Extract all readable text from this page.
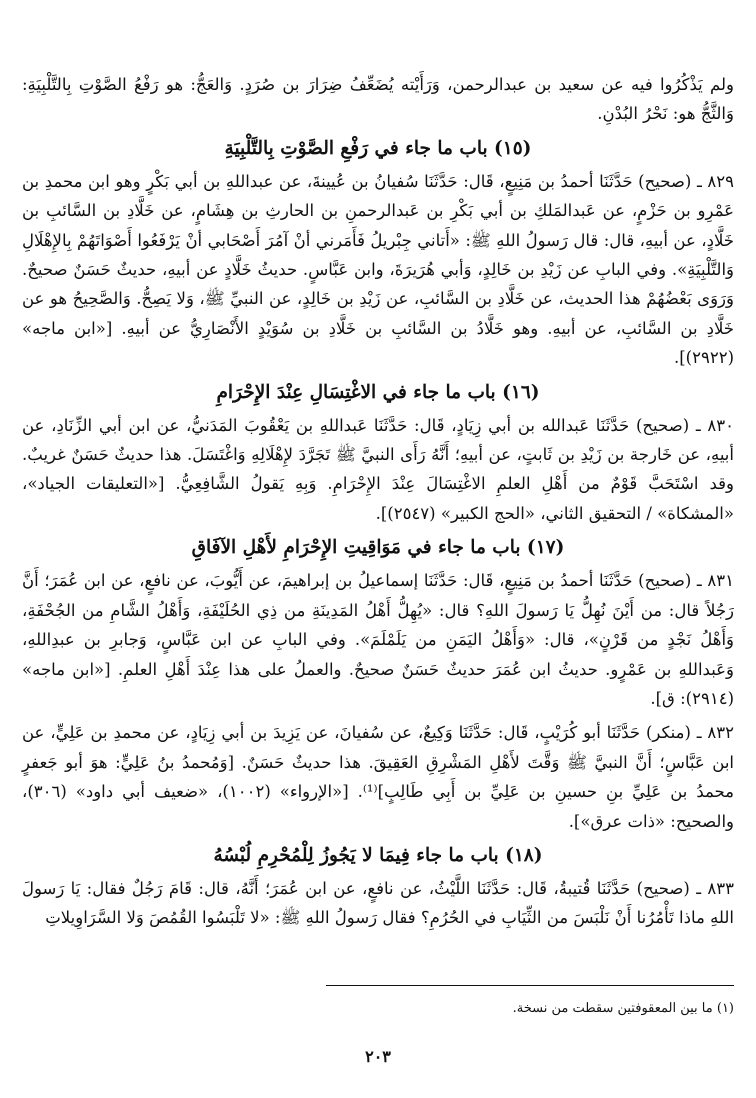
ولم يَذْكُرُوا فيه عن سعيد بن عبدالرحمن، وَرَأَيْته يُضَعِّفُ ضِرَارَ بن صُرَدٍ. وَالعَجُّ: هو رَفْعُ الصَّوْتِ بِالتَّلْبِيَةِ: وَالثَّجُّ هو: نَحْرُ البُدْنِ.

(١٥) باب ما جاء في رَفْعِ الصَّوْتِ بِالتَّلْبِيَةِ

٨٢٩ ـ (صحيح) حَدَّثَنَا أحمدُ بن مَنِيعٍ، قَال: حَدَّثَنَا سُفيانُ بن عُيينةَ، عن عبداللهِ بن أبي بَكْرٍ وهو ابن محمدِ بن عَمْرِو بن حَزْمٍ، عن عَبدالمَلكِ بن أبي بَكْرِ بن عَبدالرحمنِ بن الحارثِ بن هِشَامٍ، عن خَلَّادِ بن السَّائبِ بن خَلَّادٍ، عن أبيهِ، قال: قال رَسولُ اللهِ ﷺ: «أَتاني جِبْريلُ فَأَمَرني أنْ آمُرَ أَصْحَابي أنْ يَرْفَعُوا أَصْوَاتَهُمْ بِالإِهْلَالِ وَالتَّلْبِيَةِ». وفي البابِ عن زَيْدِ بن خَالِدٍ، وَأبي هُرَيرَةَ، وابن عَبَّاسٍ. حديثُ خَلَّادٍ عن أبيهِ، حديثٌ حَسَنٌ صحيحٌ. وَرَوَى بَعْضُهُمْ هذا الحديث، عن خَلَّادِ بن السَّائبِ، عن زَيْدِ بن خَالِدٍ، عن النبيِّ ﷺ، وَلا يَصِحُّ. وَالصَّحِيحُ هو عن خَلَّادِ بن السَّائبِ، عن أبيهِ. وهو خَلَّادُ بن السَّائبِ بن خَلَّادِ بن سُوَيْدٍ الأَنْصَارِيُّ عن أبيهِ. [«ابن ماجه» (٢٩٢٢)].

(١٦) باب ما جاء في الاغْتِسَالِ عِنْدَ الإِحْرَامِ

٨٣٠ ـ (صحيح) حَدَّثَنَا عَبدالله بن أبي زِيَادٍ، قَال: حَدَّثَنَا عَبداللهِ بن يَعْقُوبَ المَدَنيُّ، عن ابن أبي الزِّنَادِ، عن أبيهِ، عن خَارجة بن زَيْدِ بن ثَابتٍ، عن أبيهِ؛ أَنَّهُ رَأَى النبيَّ ﷺ تَجَرَّدَ لإِهْلَالِهِ وَاغْتَسَلَ. هذا حديثٌ حَسَنٌ غريبٌ. وقد اسْتَحَبَّ قَوْمٌ من أَهْلِ العلمِ الاغْتِسَالَ عِنْدَ الإِحْرَامِ. وَبِهِ يَقولُ الشَّافِعِيُّ. [«التعليقات الجياد»، «المشكاة» / التحقيق الثاني، «الحج الكبير» (٢٥٤٧)].

(١٧) باب ما جاء في مَوَاقِيتِ الإِحْرَامِ لأَهْلِ الآفَاقِ

٨٣١ ـ (صحيح) حَدَّثَنَا أحمدُ بن مَنِيعٍ، قَال: حَدَّثَنَا إسماعيلُ بن إبراهيمَ، عن أَيُّوبَ، عن نافعٍ، عن ابن عُمَرَ؛ أَنَّ رَجُلاً قال: من أَيْنَ نُهِلُّ يَا رَسولَ اللهِ؟ قال: «يُهِلُّ أَهْلُ المَدِينَةِ من ذِي الحُلَيْفَةِ، وَأَهْلُ الشَّامِ من الجُحْفَةِ، وَأَهْلُ نَجْدٍ من قَرْنٍ»، قال: «وَأَهْلُ اليَمَنِ من يَلَمْلَمَ». وفي البابِ عن ابن عَبَّاسٍ، وَجابرِ بن عبدِاللهِ، وَعَبداللهِ بن عَمْرٍو. حديثُ ابن عُمَرَ حديثٌ حَسَنٌ صحيحٌ. والعملُ على هذا عِنْدَ أَهْلِ العلمِ. [«ابن ماجه» (٢٩١٤): ق].

٨٣٢ ـ (منكر) حَدَّثَنَا أبو كُرَيْبٍ، قَال: حَدَّثَنَا وَكِيعٌ، عن سُفيانَ، عن يَزِيدَ بن أبي زِيَادٍ، عن محمدِ بن عَلِيٍّ، عن ابن عَبَّاسٍ؛ أَنَّ النبيَّ ﷺ وَقَّتَ لأَهْلِ المَشْرِقِ العَقِيقَ. هذا حديثٌ حَسَنٌ. [وَمُحمدُ بنُ عَلِيٍّ: هوَ أبو جَعفرٍ محمدُ بن عَلِيِّ بنِ حسينِ بن عَلِيِّ بن أَبِي طَالِبٍ]⁽¹⁾. [«الإرواء» (١٠٠٢)، «ضعيف أبي داود» (٣٠٦)، والصحيح: «ذات عرق»].

(١٨) باب ما جاء فِيمَا لا يَجُوزُ لِلْمُحْرِمِ لُبْسُهُ

٨٣٣ ـ (صحيح) حَدَّثَنَا قُتيبةُ، قَال: حَدَّثَنَا اللَّيْثُ، عن نافعٍ، عن ابن عُمَرَ؛ أَنَّهُ، قال: قَامَ رَجُلٌ فقال: يَا رَسولَ اللهِ ماذا تَأْمُرُنا أَنْ نَلْبَسَ من الثِّيَابِ في الحُرُمِ؟ فقال رَسولُ اللهِ ﷺ: «لا تَلْبَسُوا القُمُصَ وَلا السَّرَاوِيلاتِ

(١) ما بين المعقوفتين سقطت من نسخة.
٢٠٣
